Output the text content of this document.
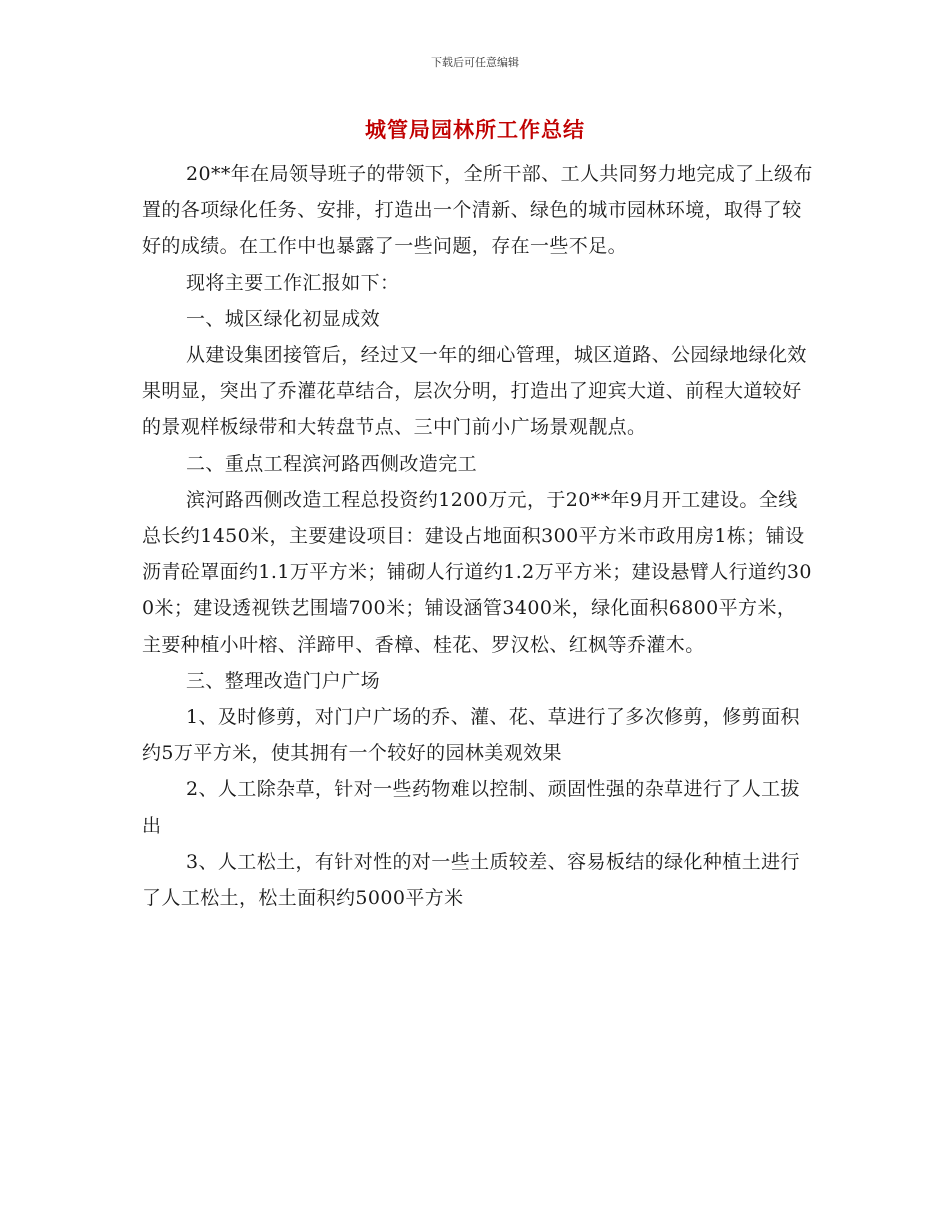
下载后可任意编辑
城管局园林所工作总结

20**年在局领导班子的带领下，全所干部、工人共同努力地完成了上级布置的各项绿化任务、安排，打造出一个清新、绿色的城市园林环境，取得了较好的成绩。在工作中也暴露了一些问题，存在一些不足。

现将主要工作汇报如下：

一、城区绿化初显成效

从建设集团接管后，经过又一年的细心管理，城区道路、公园绿地绿化效果明显，突出了乔灌花草结合，层次分明，打造出了迎宾大道、前程大道较好的景观样板绿带和大转盘节点、三中门前小广场景观靓点。

二、重点工程滨河路西侧改造完工

滨河路西侧改造工程总投资约1200万元，于20**年9月开工建设。全线总长约1450米，主要建设项目：建设占地面积300平方米市政用房1栋；铺设沥青砼罩面约1.1万平方米；铺砌人行道约1.2万平方米；建设悬臂人行道约300米；建设透视铁艺围墙700米；铺设涵管3400米，绿化面积6800平方米，主要种植小叶榕、洋蹄甲、香樟、桂花、罗汉松、红枫等乔灌木。

三、整理改造门户广场

1、及时修剪，对门户广场的乔、灌、花、草进行了多次修剪，修剪面积约5万平方米，使其拥有一个较好的园林美观效果

2、人工除杂草，针对一些药物难以控制、顽固性强的杂草进行了人工拔出

3、人工松土，有针对性的对一些土质较差、容易板结的绿化种植土进行了人工松土，松土面积约5000平方米
